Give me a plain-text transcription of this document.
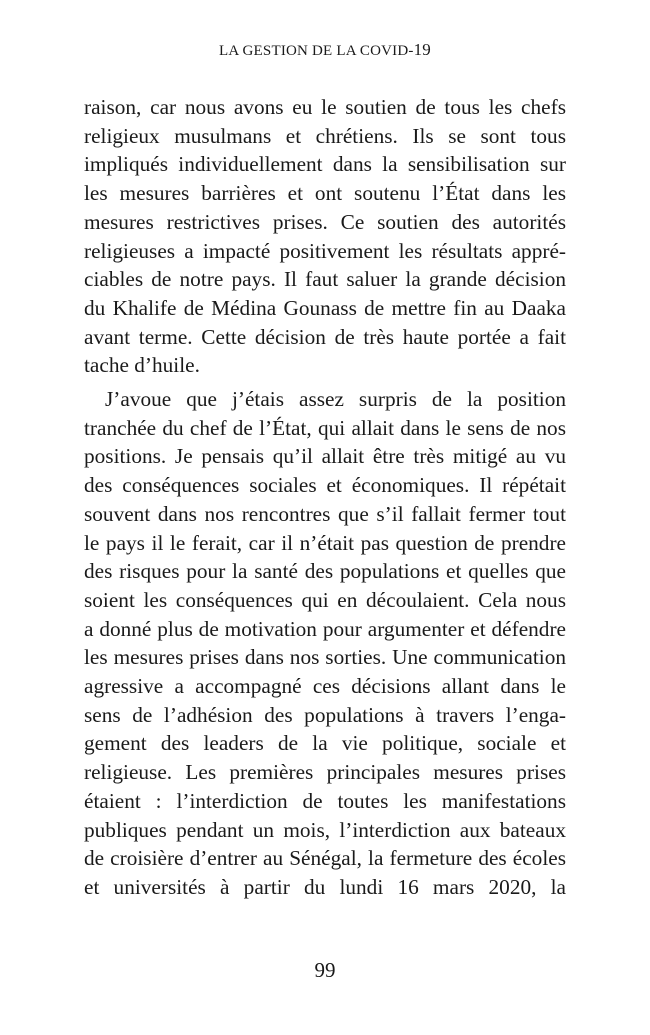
LA GESTION DE LA COVID-19

raison, car nous avons eu le soutien de tous les chefs
religieux musulmans et chrétiens. Ils se sont tous
impliqués individuellement dans la sensibilisation sur
les mesures barrières et ont soutenu l’État dans les
mesures restrictives prises. Ce soutien des autorités
religieuses a impacté positivement les résultats appré-
ciables de notre pays. Il faut saluer la grande décision
du Khalife de Médina Gounass de mettre fin au Daaka
avant terme. Cette décision de très haute portée a fait
tache d’huile.

J’avoue que j’étais assez surpris de la position
tranchée du chef de l’État, qui allait dans le sens de nos
positions. Je pensais qu’il allait être très mitigé au vu
des conséquences sociales et économiques. Il répétait
souvent dans nos rencontres que s’il fallait fermer tout
le pays il le ferait, car il n’était pas question de prendre
des risques pour la santé des populations et quelles que
soient les conséquences qui en découlaient. Cela nous
a donné plus de motivation pour argumenter et défendre
les mesures prises dans nos sorties. Une communication
agressive a accompagné ces décisions allant dans le
sens de l’adhésion des populations à travers l’enga-
gement des leaders de la vie politique, sociale et
religieuse. Les premières principales mesures prises
étaient : l’interdiction de toutes les manifestations
publiques pendant un mois, l’interdiction aux bateaux
de croisière d’entrer au Sénégal, la fermeture des écoles
et universités à partir du lundi 16 mars 2020, la

99
